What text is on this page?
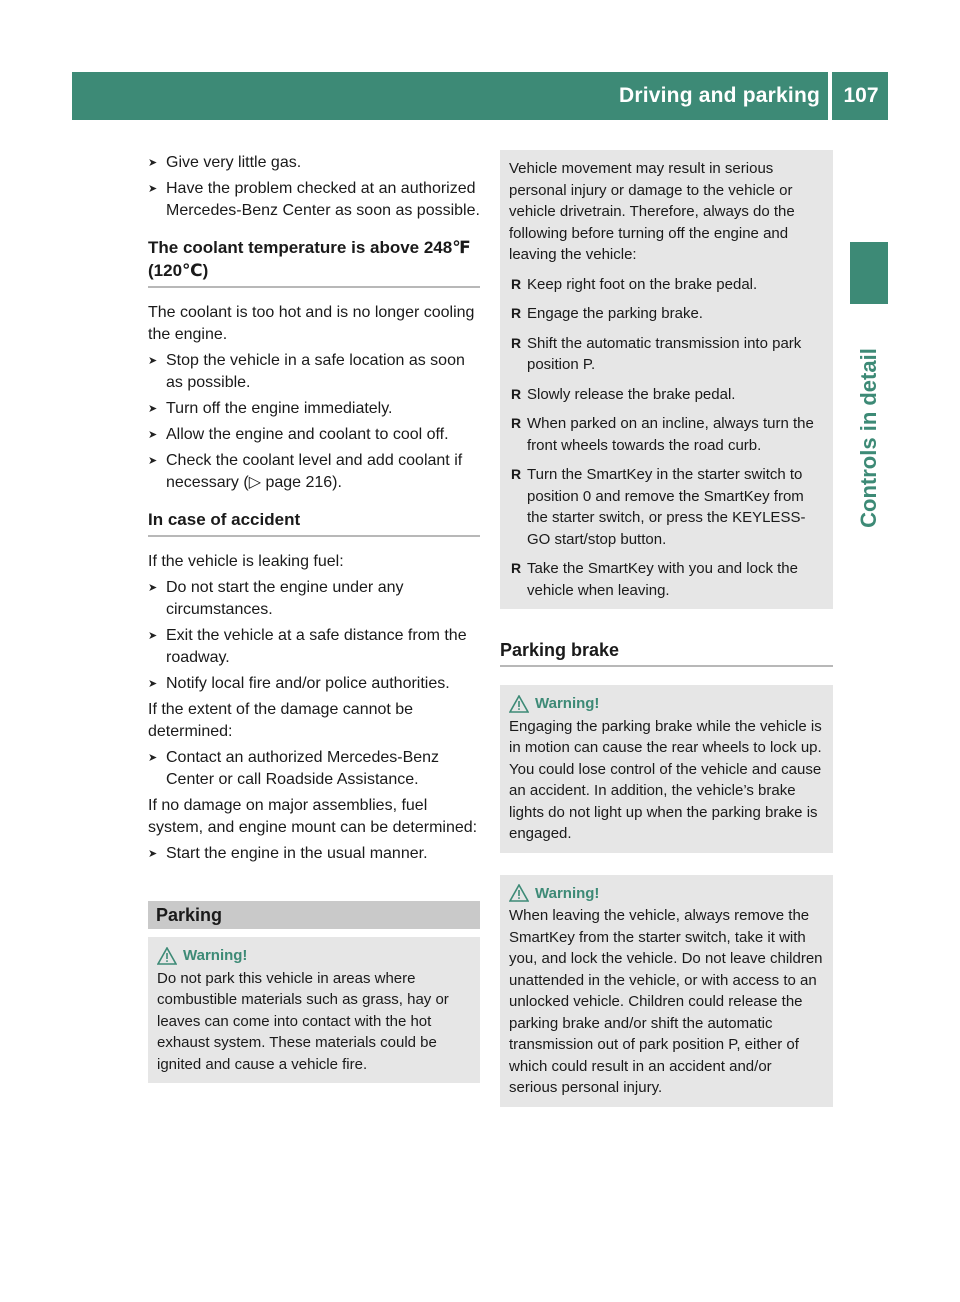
Driving and parking	107
Controls in detail
➤ Give very little gas.
➤ Have the problem checked at an authorized Mercedes-Benz Center as soon as possible.
The coolant temperature is above 248℉ (120℃)

The coolant is too hot and is no longer cooling the engine.

➤ Stop the vehicle in a safe location as soon as possible.
➤ Turn off the engine immediately.
➤ Allow the engine and coolant to cool off.
➤ Check the coolant level and add coolant if necessary (▷ page 216).
In case of accident

If the vehicle is leaking fuel:

➤ Do not start the engine under any circumstances.
➤ Exit the vehicle at a safe distance from the roadway.
➤ Notify local fire and/or police authorities.

If the extent of the damage cannot be determined:

➤ Contact an authorized Mercedes-Benz Center or call Roadside Assistance.

If no damage on major assemblies, fuel system, and engine mount can be determined:

➤ Start the engine in the usual manner.
Parking
Warning!
Do not park this vehicle in areas where combustible materials such as grass, hay or leaves can come into contact with the hot exhaust system. These materials could be ignited and cause a vehicle fire.
Vehicle movement may result in serious personal injury or damage to the vehicle or vehicle drivetrain. Therefore, always do the following before turning off the engine and leaving the vehicle:
R Keep right foot on the brake pedal.
R Engage the parking brake.
R Shift the automatic transmission into park position P.
R Slowly release the brake pedal.
R When parked on an incline, always turn the front wheels towards the road curb.
R Turn the SmartKey in the starter switch to position 0 and remove the SmartKey from the starter switch, or press the KEYLESS-GO start/stop button.
R Take the SmartKey with you and lock the vehicle when leaving.
Parking brake
Warning!
Engaging the parking brake while the vehicle is in motion can cause the rear wheels to lock up. You could lose control of the vehicle and cause an accident. In addition, the vehicle’s brake lights do not light up when the parking brake is engaged.
Warning!
When leaving the vehicle, always remove the SmartKey from the starter switch, take it with you, and lock the vehicle. Do not leave children unattended in the vehicle, or with access to an unlocked vehicle. Children could release the parking brake and/or shift the automatic transmission out of park position P, either of which could result in an accident and/or serious personal injury.
